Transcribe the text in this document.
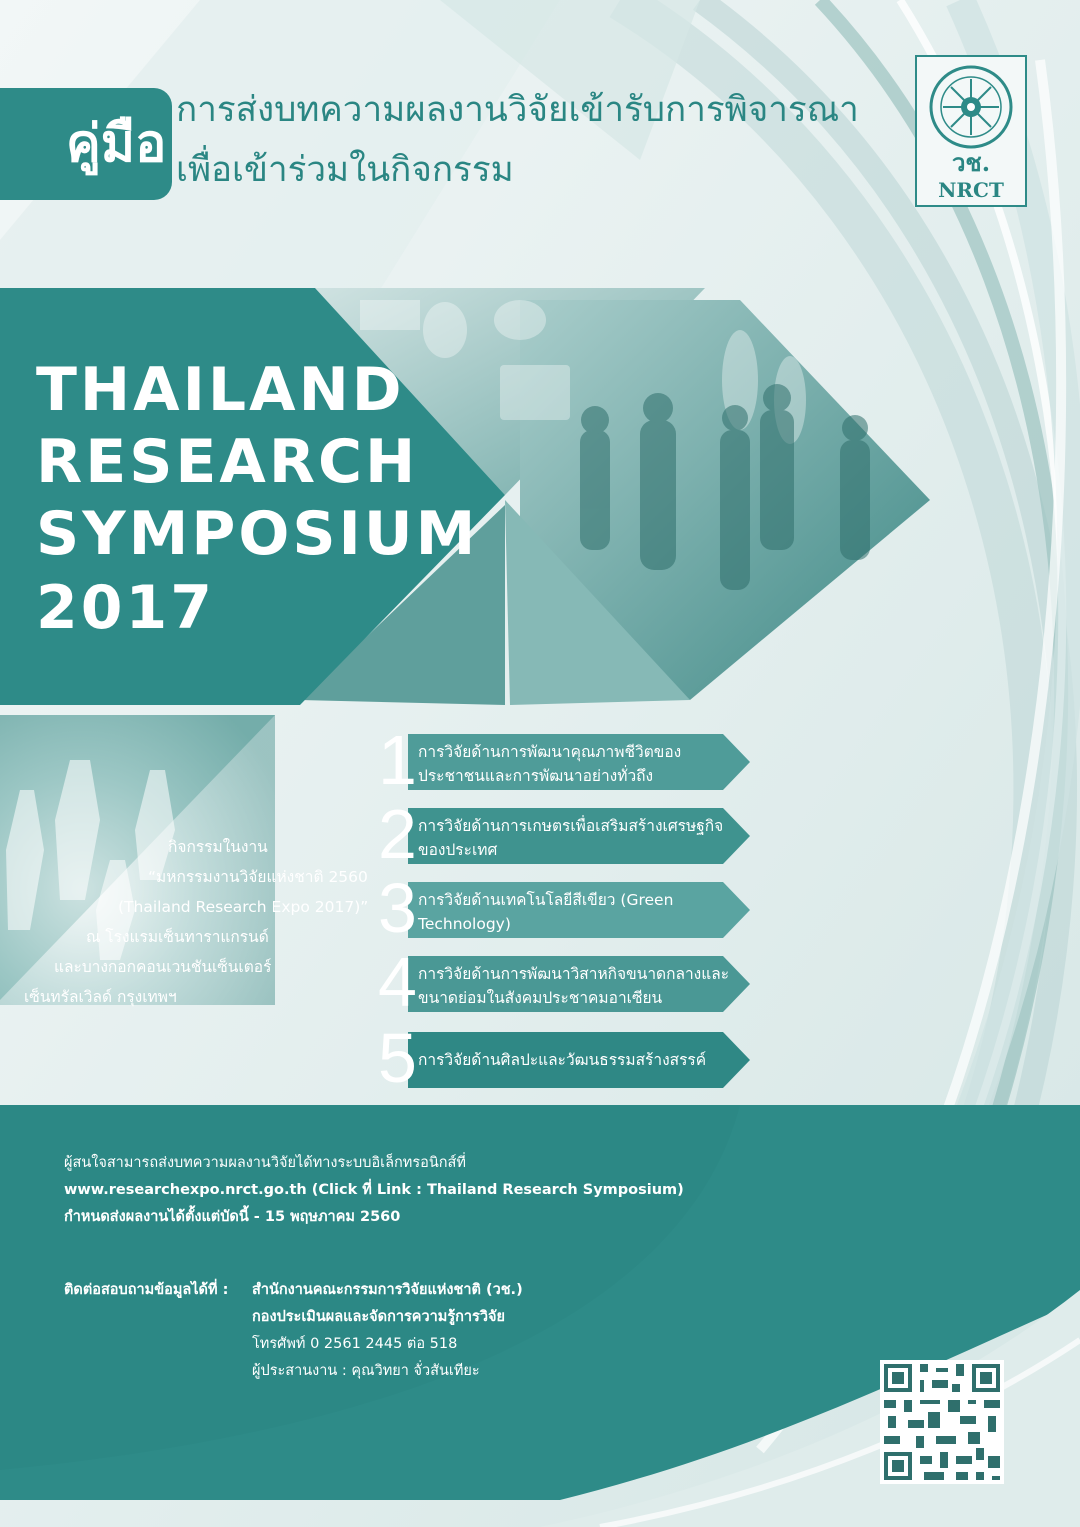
คู่มือ
การส่งบทความผลงานวิจัยเข้ารับการพิจารณา
เพื่อเข้าร่วมในกิจกรรม	วช.
NRCT
THAILAND
RESEARCH
SYMPOSIUM
2017
กิจกรรมในงาน
“มหกรรมงานวิจัยแห่งชาติ 2560
(Thailand Research Expo 2017)”
ณ โรงแรมเซ็นทาราแกรนด์
และบางกอกคอนเวนชันเซ็นเตอร์
เซ็นทรัลเวิลด์ กรุงเทพฯ
1 การวิจัยด้านการพัฒนาคุณภาพชีวิตของประชาชนและการพัฒนาอย่างทั่วถึง
2 การวิจัยด้านการเกษตรเพื่อเสริมสร้างเศรษฐกิจของประเทศ
3 การวิจัยด้านเทคโนโลยีสีเขียว (Green Technology)
4 การวิจัยด้านการพัฒนาวิสาหกิจขนาดกลางและขนาดย่อมในสังคมประชาคมอาเซียน
5 การวิจัยด้านศิลปะและวัฒนธรรมสร้างสรรค์
ผู้สนใจสามารถส่งบทความผลงานวิจัยได้ทางระบบอิเล็กทรอนิกส์ที่
www.researchexpo.nrct.go.th (Click ที่ Link : Thailand Research Symposium)
กำหนดส่งผลงานได้ตั้งแต่บัดนี้ - 15 พฤษภาคม 2560
ติดต่อสอบถามข้อมูลได้ที่ : สำนักงานคณะกรรมการวิจัยแห่งชาติ (วช.)
กองประเมินผลและจัดการความรู้การวิจัย
โทรศัพท์ 0 2561 2445 ต่อ 518
ผู้ประสานงาน : คุณวิทยา จั่วสันเทียะ
